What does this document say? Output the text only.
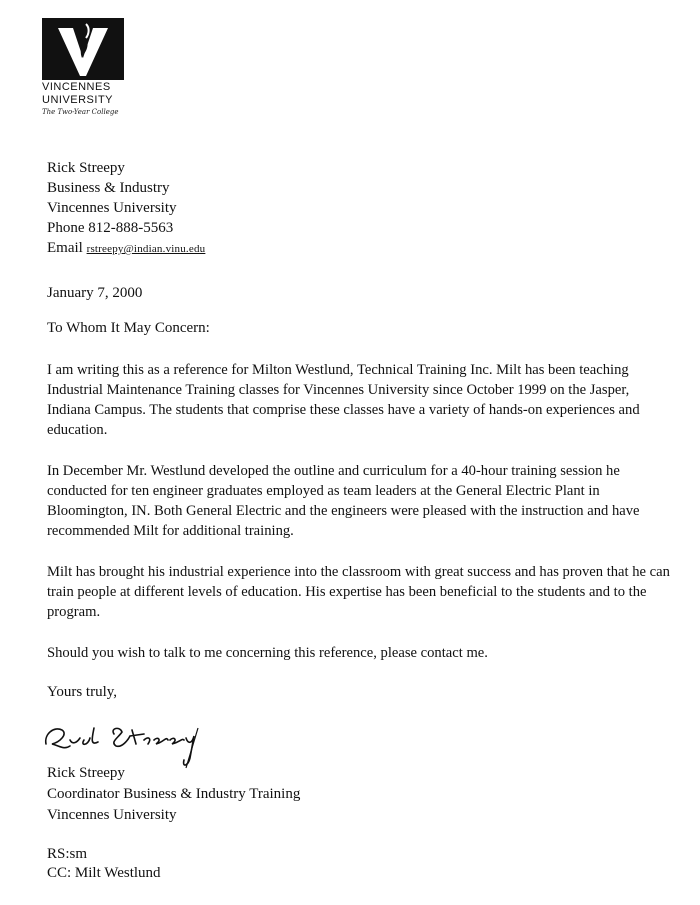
VINCENNES
UNIVERSITY
The Two-Year College
Rick Streepy
Business & Industry
Vincennes University
Phone 812-888-5563
Email rstreepy@indian.vinu.edu
January 7, 2000
To Whom It May Concern:

I am writing this as a reference for Milton Westlund, Technical Training Inc. Milt has been teaching Industrial Maintenance Training classes for Vincennes University since October 1999 on the Jasper, Indiana Campus. The students that comprise these classes have a variety of hands-on experiences and education.

In December Mr. Westlund developed the outline and curriculum for a 40-hour training session he conducted for ten engineer graduates employed as team leaders at the General Electric Plant in Bloomington, IN. Both General Electric and the engineers were pleased with the instruction and have recommended Milt for additional training.

Milt has brought his industrial experience into the classroom with great success and has proven that he can train people at different levels of education. His expertise has been beneficial to the students and to the program.

Should you wish to talk to me concerning this reference, please contact me.

Yours truly,
Rick Streepy
Coordinator Business & Industry Training
Vincennes University
RS:sm
CC: Milt Westlund
